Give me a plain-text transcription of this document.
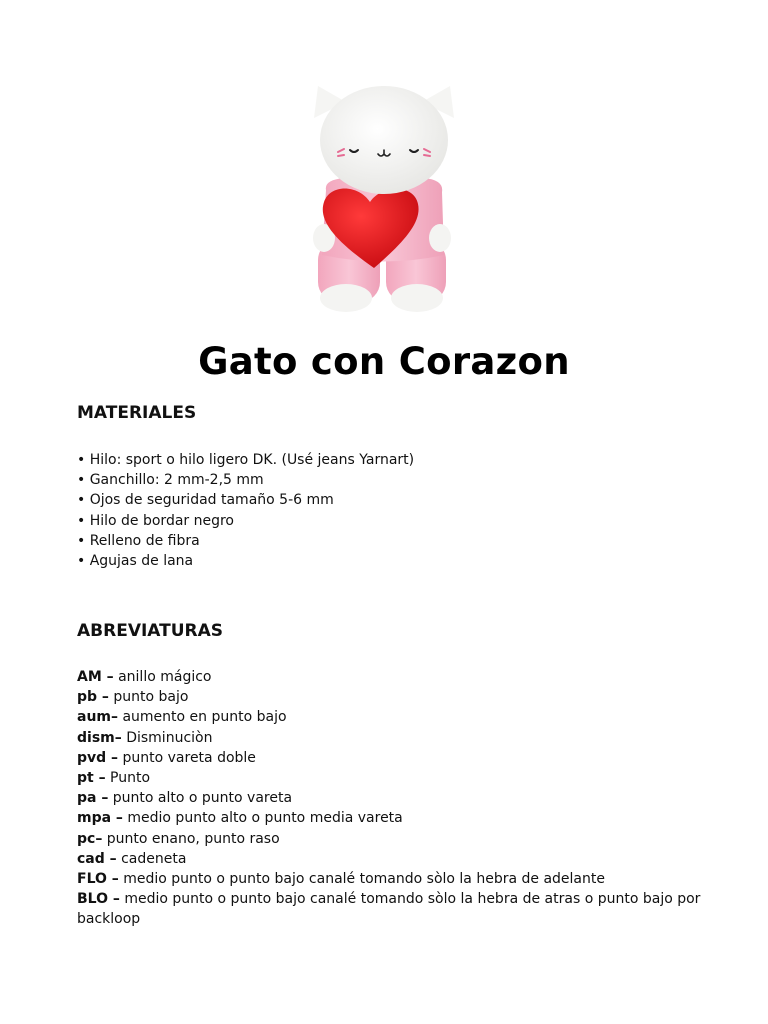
Gato con Corazon
MATERIALES
• Hilo: sport o hilo ligero DK. (Usé jeans Yarnart)
• Ganchillo: 2 mm-2,5 mm
• Ojos de seguridad tamaño 5-6 mm
• Hilo de bordar negro
• Relleno de fibra
• Agujas de lana
ABREVIATURAS
AM – anillo mágico
pb – punto bajo
aum– aumento en punto bajo
dism– Disminuciòn
pvd – punto vareta doble
pt – Punto
pa – punto alto o punto vareta
mpa – medio punto alto o punto media vareta
pc– punto enano, punto raso
cad – cadeneta
FLO – medio punto o punto bajo canalé tomando sòlo la hebra de adelante
BLO – medio punto o punto bajo canalé tomando sòlo la hebra de atras o punto bajo por backloop
